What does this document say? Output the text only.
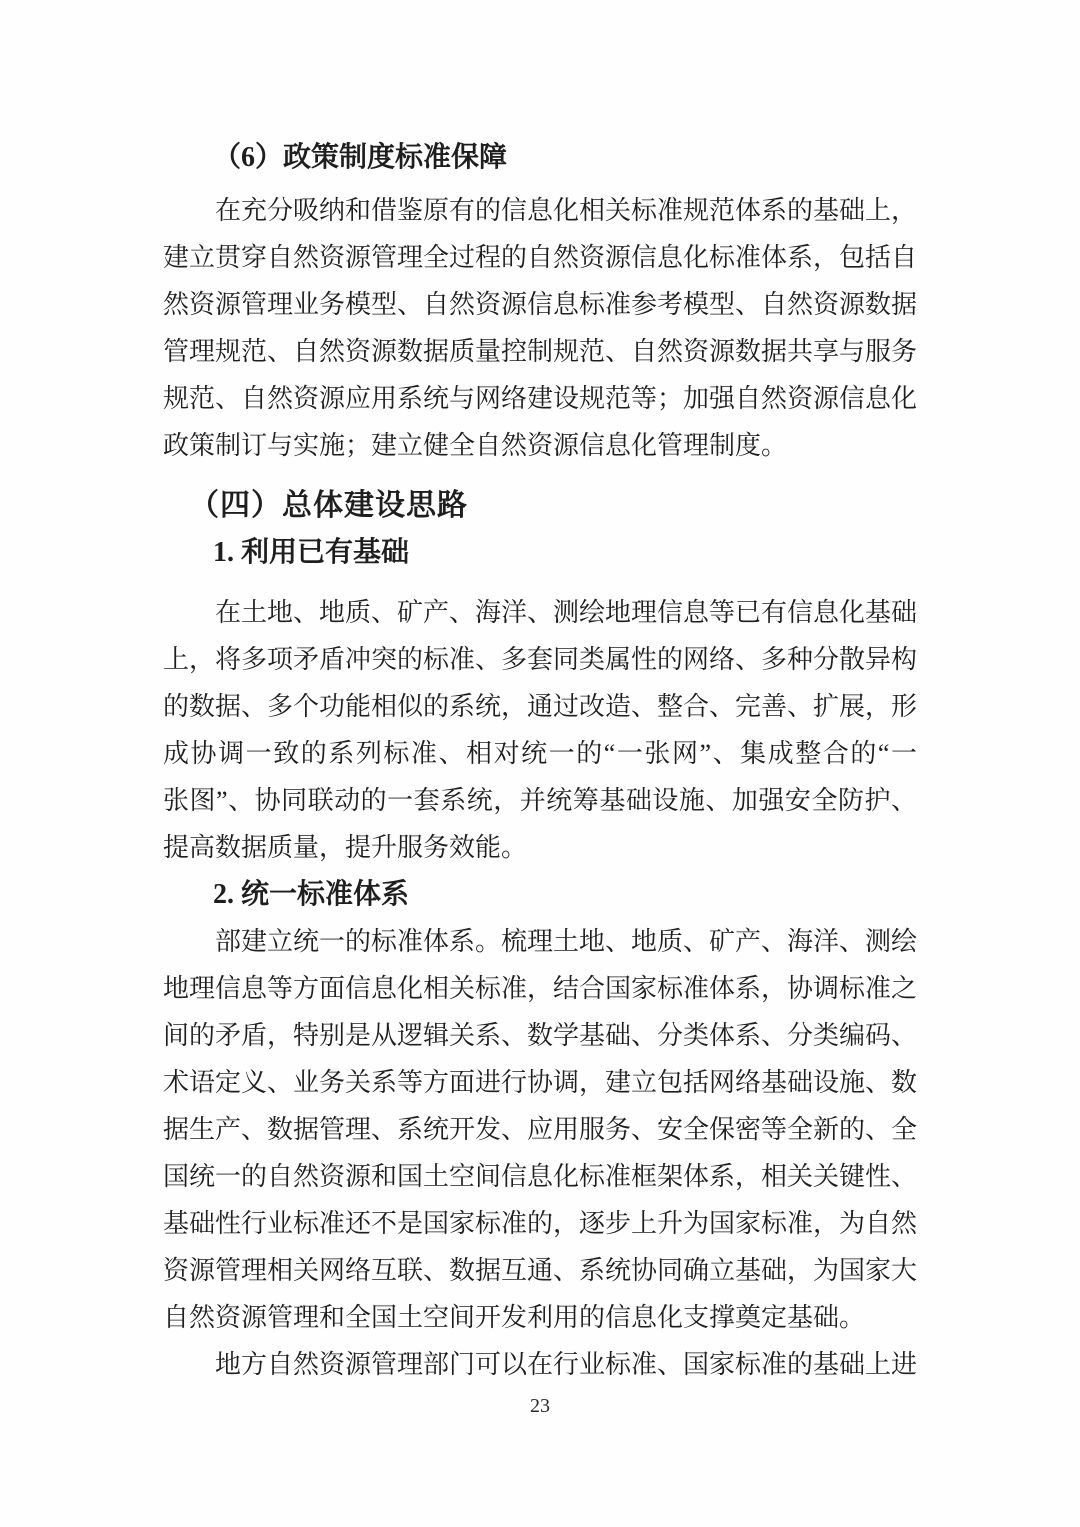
（6）政策制度标准保障
在充分吸纳和借鉴原有的信息化相关标准规范体系的基础上，
建立贯穿自然资源管理全过程的自然资源信息化标准体系，包括自
然资源管理业务模型、自然资源信息标准参考模型、自然资源数据
管理规范、自然资源数据质量控制规范、自然资源数据共享与服务
规范、自然资源应用系统与网络建设规范等；加强自然资源信息化
政策制订与实施；建立健全自然资源信息化管理制度。
（四）总体建设思路
1. 利用已有基础
在土地、地质、矿产、海洋、测绘地理信息等已有信息化基础
上，将多项矛盾冲突的标准、多套同类属性的网络、多种分散异构
的数据、多个功能相似的系统，通过改造、整合、完善、扩展，形
成协调一致的系列标准、相对统一的“一张网”、集成整合的“一
张图”、协同联动的一套系统，并统筹基础设施、加强安全防护、
提高数据质量，提升服务效能。
2. 统一标准体系
部建立统一的标准体系。梳理土地、地质、矿产、海洋、测绘
地理信息等方面信息化相关标准，结合国家标准体系，协调标准之
间的矛盾，特别是从逻辑关系、数学基础、分类体系、分类编码、
术语定义、业务关系等方面进行协调，建立包括网络基础设施、数
据生产、数据管理、系统开发、应用服务、安全保密等全新的、全
国统一的自然资源和国土空间信息化标准框架体系，相关关键性、
基础性行业标准还不是国家标准的，逐步上升为国家标准，为自然
资源管理相关网络互联、数据互通、系统协同确立基础，为国家大
自然资源管理和全国土空间开发利用的信息化支撑奠定基础。
地方自然资源管理部门可以在行业标准、国家标准的基础上进
23
